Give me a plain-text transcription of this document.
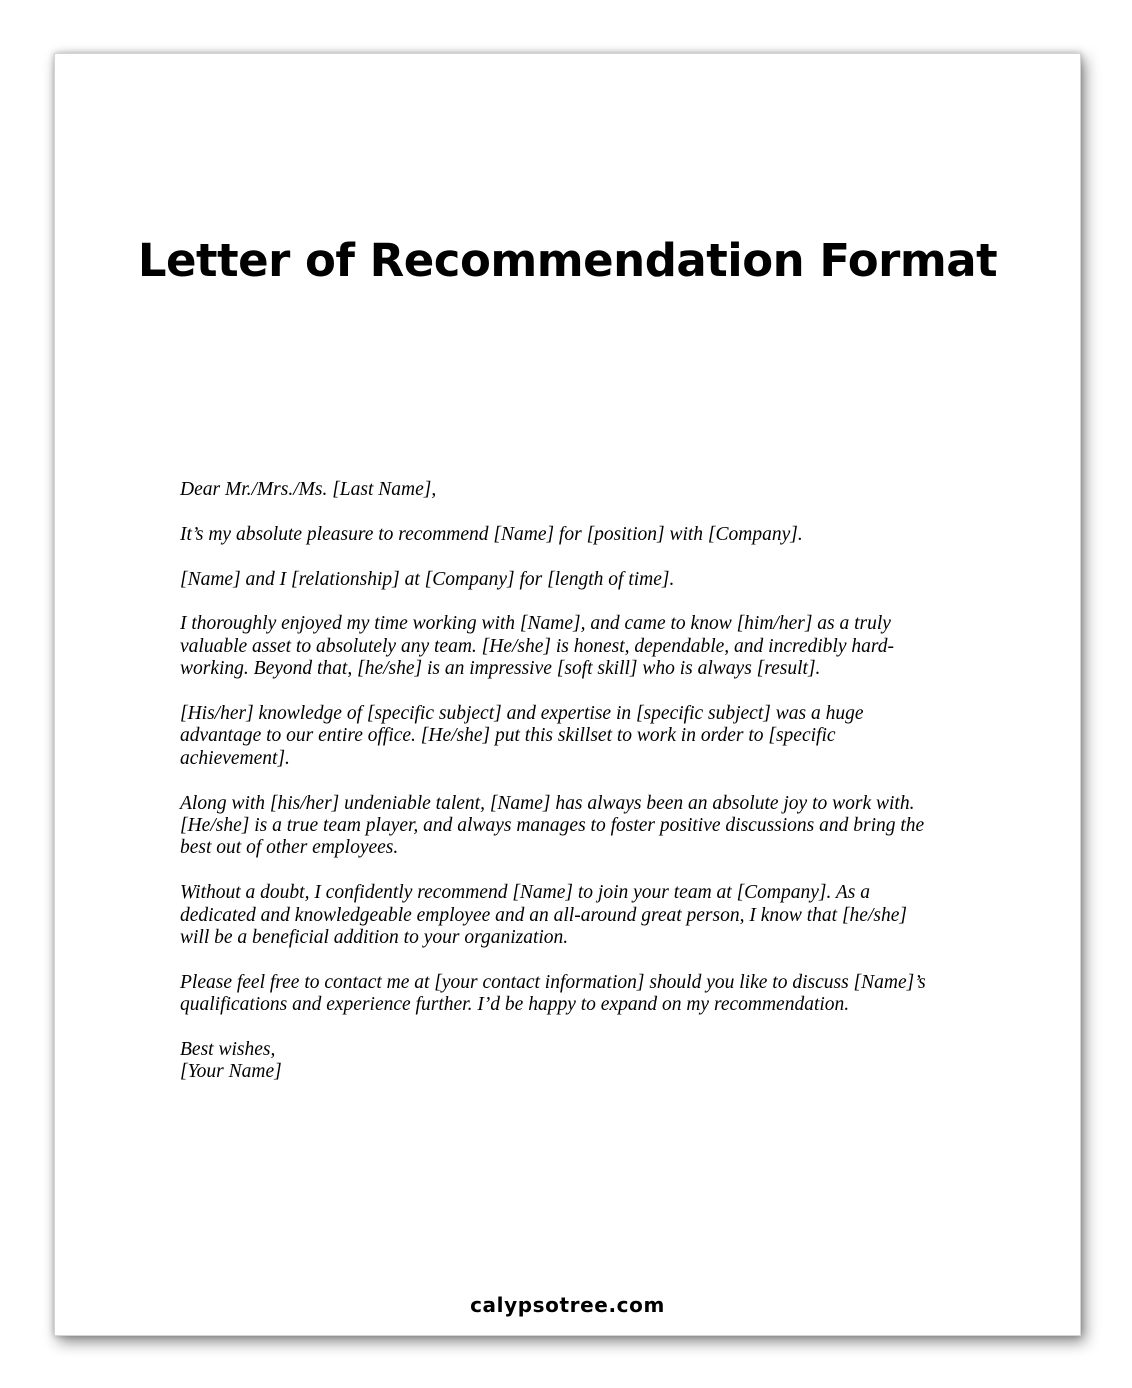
Letter of Recommendation Format

Dear Mr./Mrs./Ms. [Last Name],

It’s my absolute pleasure to recommend [Name] for [position] with [Company].

[Name] and I [relationship] at [Company] for [length of time].

I thoroughly enjoyed my time working with [Name], and came to know [him/her] as a truly
valuable asset to absolutely any team. [He/she] is honest, dependable, and incredibly hard-
working. Beyond that, [he/she] is an impressive [soft skill] who is always [result].

[His/her] knowledge of [specific subject] and expertise in [specific subject] was a huge
advantage to our entire office. [He/she] put this skillset to work in order to [specific
achievement].

Along with [his/her] undeniable talent, [Name] has always been an absolute joy to work with.
[He/she] is a true team player, and always manages to foster positive discussions and bring the
best out of other employees.

Without a doubt, I confidently recommend [Name] to join your team at [Company]. As a
dedicated and knowledgeable employee and an all-around great person, I know that [he/she]
will be a beneficial addition to your organization.

Please feel free to contact me at [your contact information] should you like to discuss [Name]’s
qualifications and experience further. I’d be happy to expand on my recommendation.

Best wishes,
[Your Name]

calypsotree.com
